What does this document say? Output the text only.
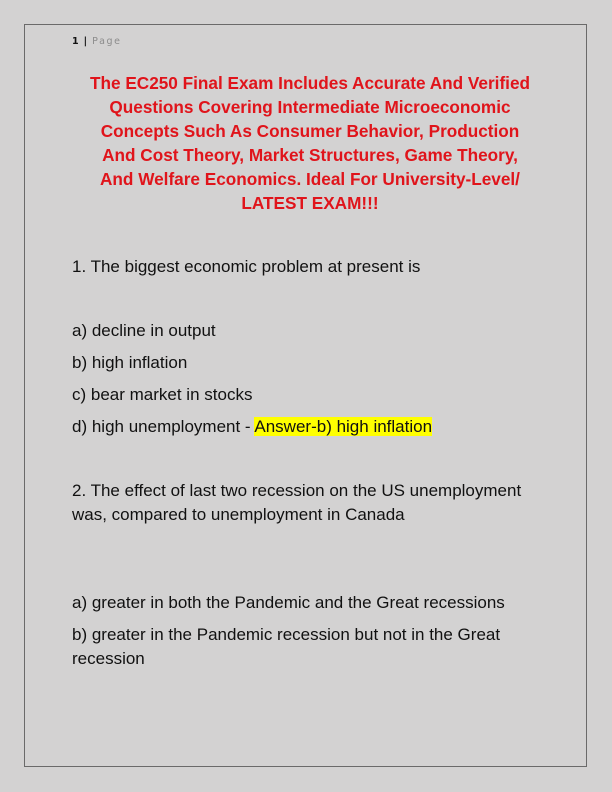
1 | Page
The EC250 Final Exam Includes Accurate And Verified
Questions Covering Intermediate Microeconomic
Concepts Such As Consumer Behavior, Production
And Cost Theory, Market Structures, Game Theory,
And Welfare Economics. Ideal For University-Level/
LATEST EXAM!!!
1. The biggest economic problem at present is
a) decline in output
b) high inflation
c) bear market in stocks
d) high unemployment - Answer-b) high inflation
2. The effect of last two recession on the US unemployment was, compared to unemployment in Canada
a) greater in both the Pandemic and the Great recessions
b) greater in the Pandemic recession but not in the Great recession
